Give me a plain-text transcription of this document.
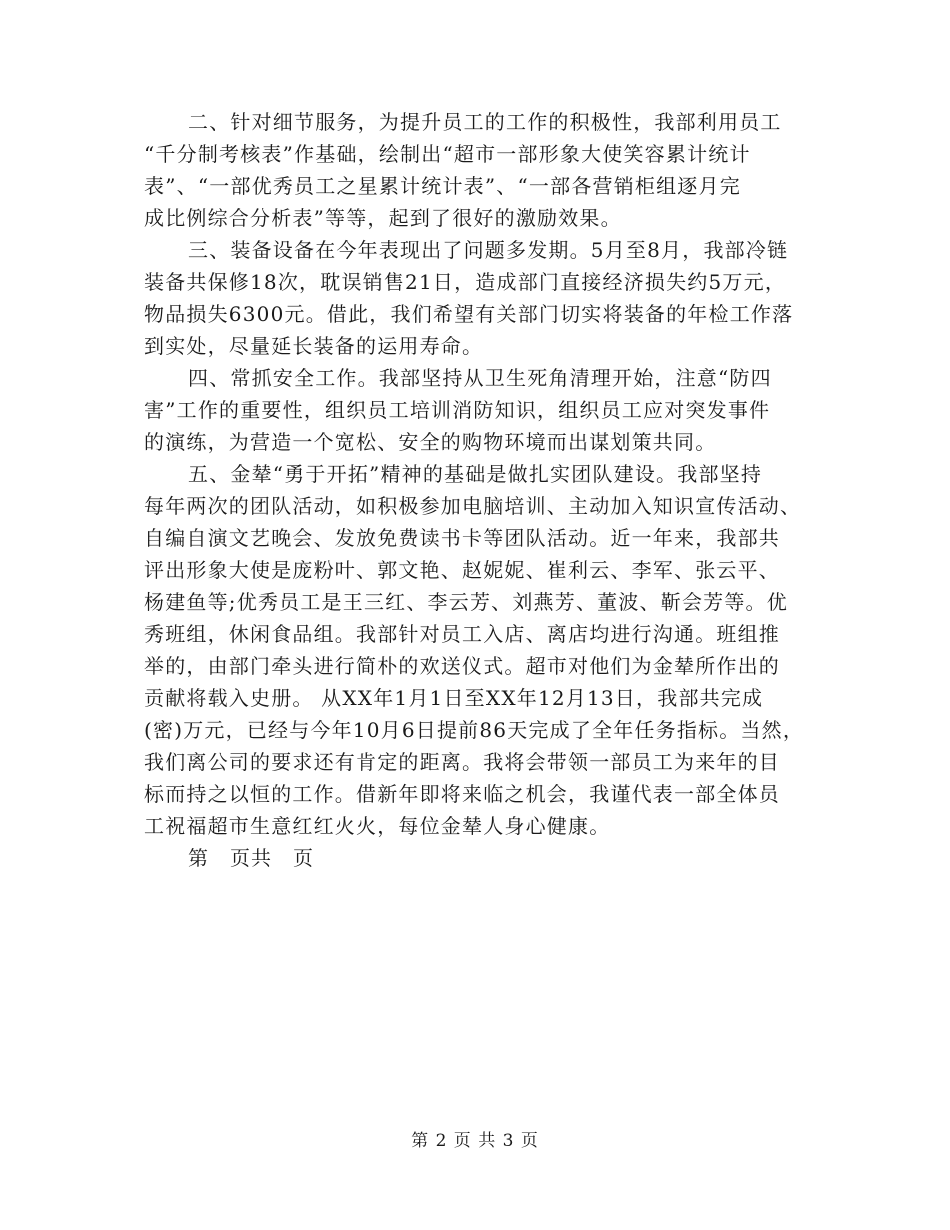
二、针对细节服务，为提升员工的工作的积极性，我部利用员工
“千分制考核表”作基础，绘制出“超市一部形象大使笑容累计统计
表”、“一部优秀员工之星累计统计表”、“一部各营销柜组逐月完
成比例综合分析表”等等，起到了很好的激励效果。
三、装备设备在今年表现出了问题多发期。5月至8月，我部冷链
装备共保修18次，耽误销售21日，造成部门直接经济损失约5万元，
物品损失6300元。借此，我们希望有关部门切实将装备的年检工作落
到实处，尽量延长装备的运用寿命。
四、常抓安全工作。我部坚持从卫生死角清理开始，注意“防四
害”工作的重要性，组织员工培训消防知识，组织员工应对突发事件
的演练，为营造一个宽松、安全的购物环境而出谋划策共同。
五、金辇“勇于开拓”精神的基础是做扎实团队建设。我部坚持
每年两次的团队活动，如积极参加电脑培训、主动加入知识宣传活动、
自编自演文艺晚会、发放免费读书卡等团队活动。近一年来，我部共
评出形象大使是庞粉叶、郭文艳、赵妮妮、崔利云、李军、张云平、
杨建鱼等;优秀员工是王三红、李云芳、刘燕芳、董波、靳会芳等。优
秀班组，休闲食品组。我部针对员工入店、离店均进行沟通。班组推
举的，由部门牵头进行简朴的欢送仪式。超市对他们为金辇所作出的
贡献将载入史册。 从XX年1月1日至XX年12月13日，我部共完成
(密)万元，已经与今年10月6日提前86天完成了全年任务指标。当然，
我们离公司的要求还有肯定的距离。我将会带领一部员工为来年的目
标而持之以恒的工作。借新年即将来临之机会，我谨代表一部全体员
工祝福超市生意红红火火，每位金辇人身心健康。
第　页共　页
第 2 页 共 3 页
